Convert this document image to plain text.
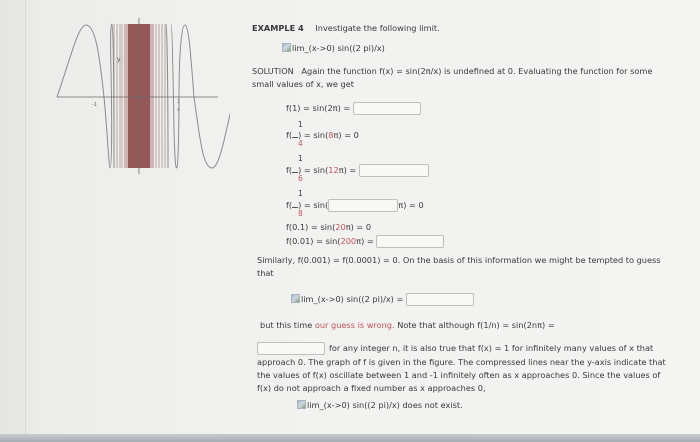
y
-1	1
x
EXAMPLE 4 Investigate the following limit.
lim_(x->0) sin((2 pi)/x)
SOLUTION Again the function f(x) = sin(2π/x) is undefined at 0. Evaluating the function for some
small values of x, we get
f(1) = sin(2π) =
1
f( ) = sin(8π) = 0
4
1
f( ) = sin(12π) =
6
1
f( ) = sin(	π) = 0
8
f(0.1) = sin(20π) = 0
f(0.01) = sin(200π) =
Similarly, f(0.001) = f(0.0001) = 0. On the basis of this information we might be tempted to guess
that
lim_(x->0) sin((2 pi)/x) =
but this time our guess is wrong. Note that although f(1/n) = sin(2nπ) =
for any integer n, it is also true that f(x) = 1 for infinitely many values of x that
approach 0. The graph of f is given in the figure. The compressed lines near the y-axis indicate that
the values of f(x) oscillate between 1 and -1 infinitely often as x approaches 0. Since the values of
f(x) do not approach a fixed number as x approaches 0,
lim_(x->0) sin((2 pi)/x) does not exist.
